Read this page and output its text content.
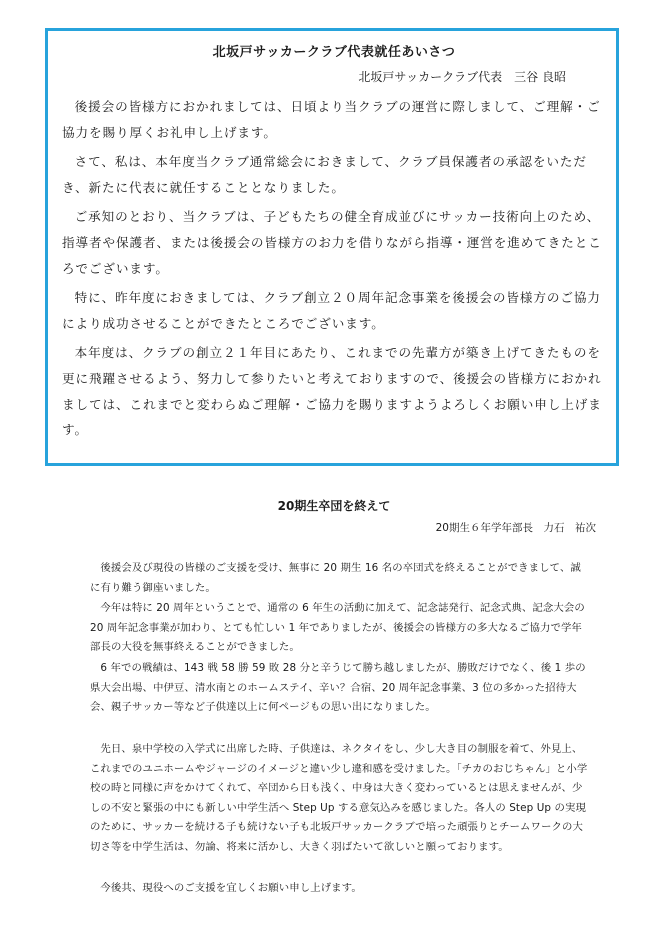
北坂戸サッカークラブ代表就任あいさつ
北坂戸サッカークラブ代表　三谷 良昭

後援会の皆様方におかれましては、日頃より当クラブの運営に際しまして、ご理解・ご協力を賜り厚くお礼申し上げます。

さて、私は、本年度当クラブ通常総会におきまして、クラブ員保護者の承認をいただき、新たに代表に就任することとなりました。

ご承知のとおり、当クラブは、子どもたちの健全育成並びにサッカー技術向上のため、指導者や保護者、または後援会の皆様方のお力を借りながら指導・運営を進めてきたところでございます。

特に、昨年度におきましては、クラブ創立２０周年記念事業を後援会の皆様方のご協力により成功させることができたところでございます。

本年度は、クラブの創立２１年目にあたり、これまでの先輩方が築き上げてきたものを更に飛躍させるよう、努力して参りたいと考えておりますので、後援会の皆様方におかれましては、これまでと変わらぬご理解・ご協力を賜りますようよろしくお願い申し上げます。

20期生卒団を終えて
20期生６年学年部長　力石　祐次

後援会及び現役の皆様のご支援を受け、無事に 20 期生 16 名の卒団式を終えることができまして、誠に有り難う御座いました。

今年は特に 20 周年ということで、通常の 6 年生の活動に加えて、記念誌発行、記念式典、記念大会の 20 周年記念事業が加わり、とても忙しい 1 年でありましたが、後援会の皆様方の多大なるご協力で学年部長の大役を無事終えることができました。

6 年での戦績は、143 戦 58 勝 59 敗 28 分と辛うじて勝ち越しましたが、勝敗だけでなく、後 1 歩の県大会出場、中伊豆、清水南とのホームステイ、辛い？合宿、20 周年記念事業、3 位の多かった招待大会、親子サッカー等など子供達以上に何ページもの思い出になりました。

先日、泉中学校の入学式に出席した時、子供達は、ネクタイをし、少し大き目の制服を着て、外見上、これまでのユニホームやジャージのイメージと違い少し違和感を受けました。「チカのおじちゃん」と小学校の時と同様に声をかけてくれて、卒団から日も浅く、中身は大きく変わっているとは思えませんが、少しの不安と緊張の中にも新しい中学生活へ Step Up する意気込みを感じました。各人の Step Up の実現のために、サッカーを続ける子も続けない子も北坂戸サッカークラブで培った頑張りとチームワークの大切さ等を中学生活は、勿論、将来に活かし、大きく羽ばたいて欲しいと願っております。

今後共、現役へのご支援を宜しくお願い申し上げます。
